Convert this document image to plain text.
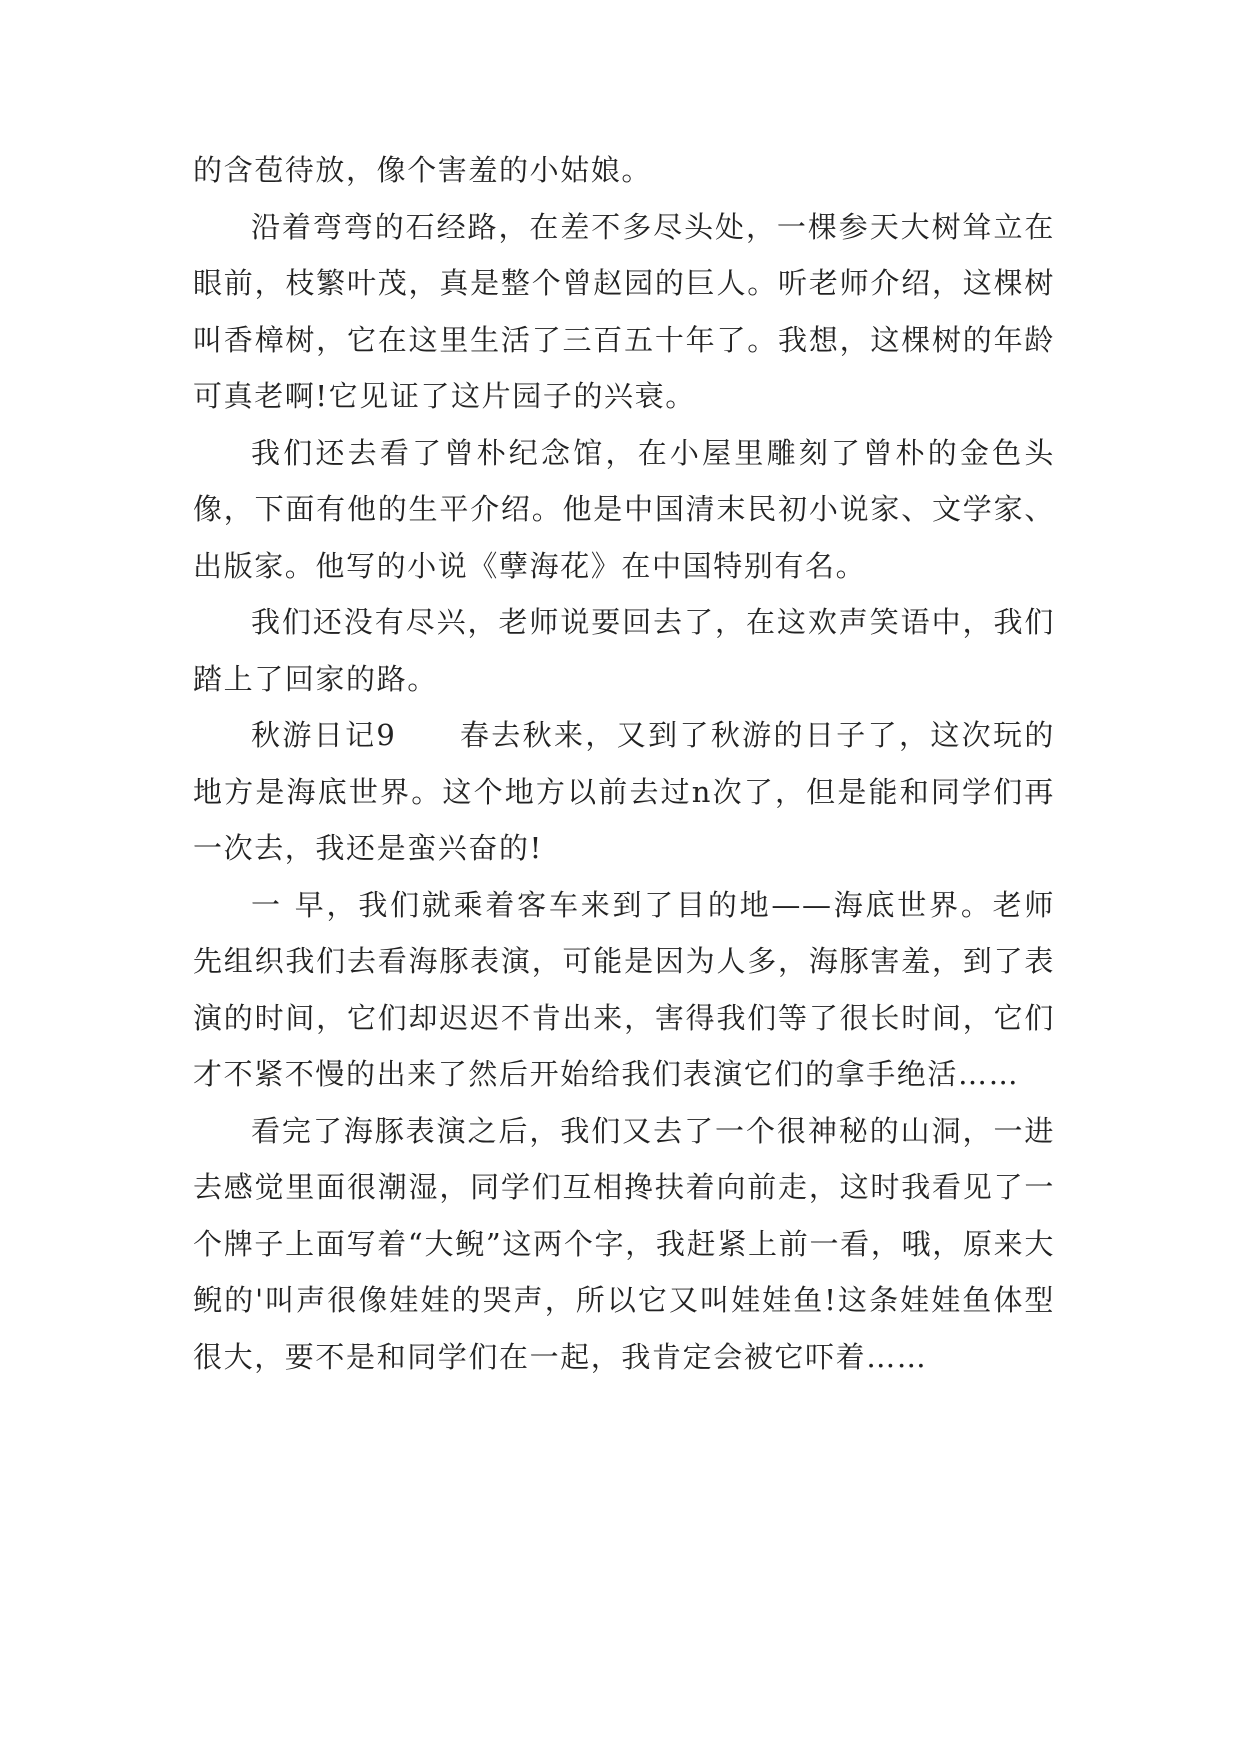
的含苞待放，像个害羞的小姑娘。

沿着弯弯的石经路，在差不多尽头处，一棵参天大树耸立在眼前，枝繁叶茂，真是整个曾赵园的巨人。听老师介绍，这棵树叫香樟树，它在这里生活了三百五十年了。我想，这棵树的年龄可真老啊!它见证了这片园子的兴衰。

我们还去看了曾朴纪念馆，在小屋里雕刻了曾朴的金色头像，下面有他的生平介绍。他是中国清末民初小说家、文学家、出版家。他写的小说《孽海花》在中国特别有名。

我们还没有尽兴，老师说要回去了，在这欢声笑语中，我们踏上了回家的路。

秋游日记9　　春去秋来，又到了秋游的日子了，这次玩的地方是海底世界。这个地方以前去过n次了，但是能和同学们再一次去，我还是蛮兴奋的!

一 早，我们就乘着客车来到了目的地——海底世界。老师先组织我们去看海豚表演，可能是因为人多，海豚害羞，到了表演的时间，它们却迟迟不肯出来，害得我们等了很长时间，它们才不紧不慢的出来了然后开始给我们表演它们的拿手绝活……

看完了海豚表演之后，我们又去了一个很神秘的山洞，一进去感觉里面很潮湿，同学们互相搀扶着向前走，这时我看见了一个牌子上面写着“大鲵”这两个字，我赶紧上前一看，哦，原来大鲵的'叫声很像娃娃的哭声，所以它又叫娃娃鱼!这条娃娃鱼体型很大，要不是和同学们在一起，我肯定会被它吓着……
